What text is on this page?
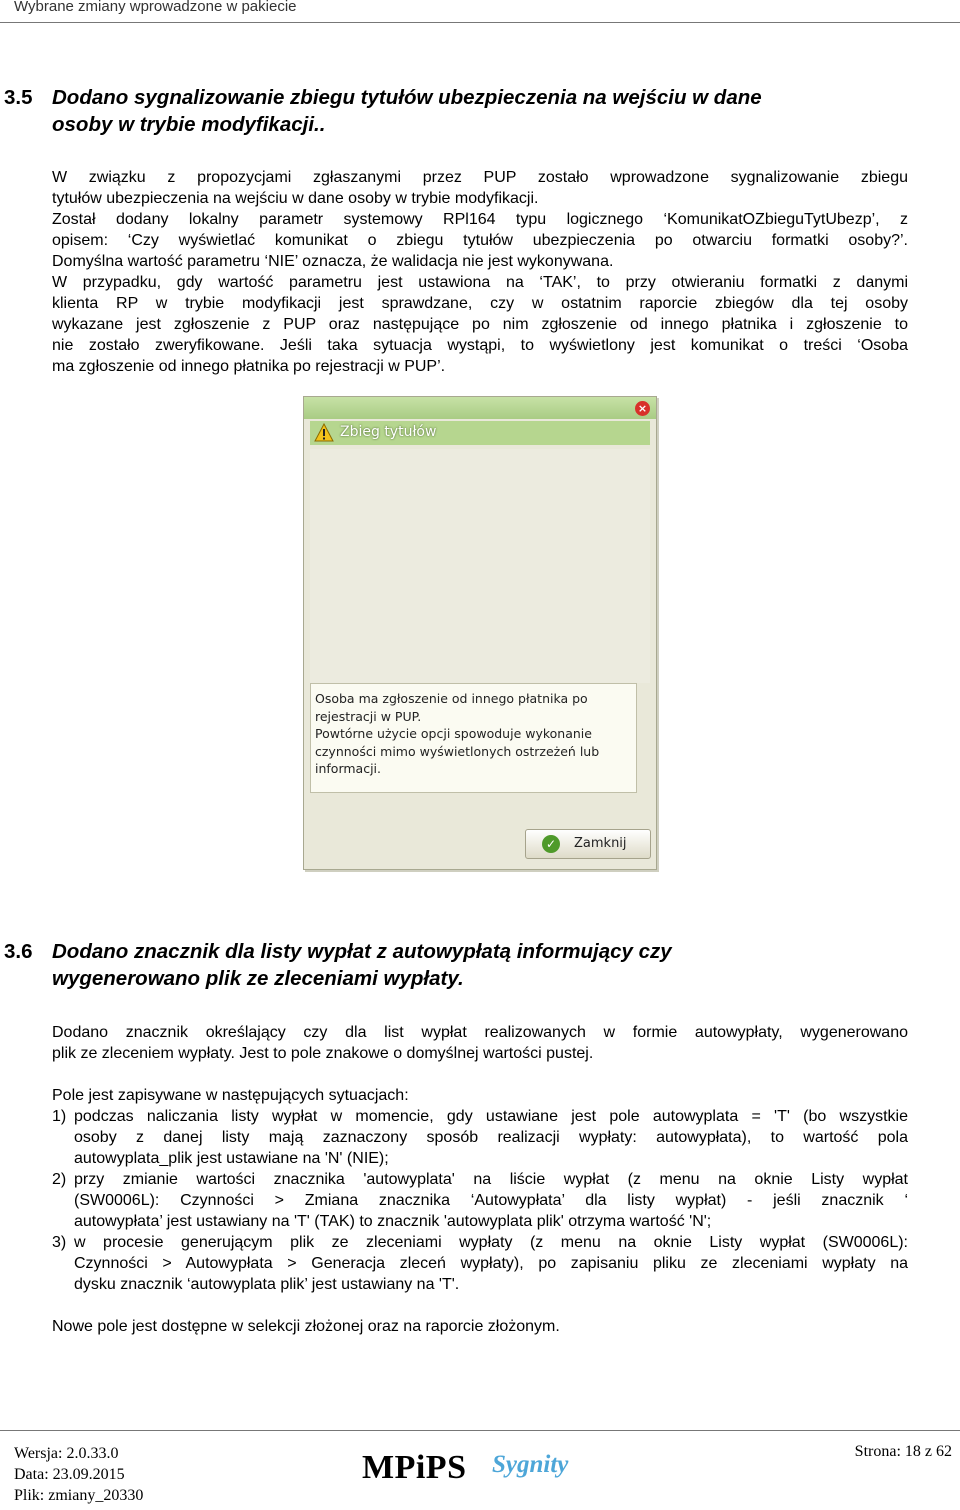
Wybrane zmiany wprowadzone w pakiecie
3.5 Dodano sygnalizowanie zbiegu tytułów ubezpieczenia na wejściu w dane
osoby w trybie modyfikacji..
W związku z propozycjami zgłaszanymi przez PUP zostało wprowadzone sygnalizowanie zbiegu
tytułów ubezpieczenia na wejściu w dane osoby w trybie modyfikacji.
Został dodany lokalny parametr systemowy RPl164 typu logicznego ‘KomunikatOZbieguTytUbezp’, z
opisem: ‘Czy wyświetlać komunikat o zbiegu tytułów ubezpieczenia po otwarciu formatki osoby?’.
Domyślna wartość parametru ‘NIE’ oznacza, że walidacja nie jest wykonywana.
W przypadku, gdy wartość parametru jest ustawiona na ‘TAK’, to przy otwieraniu formatki z danymi
klienta RP w trybie modyfikacji jest sprawdzane, czy w ostatnim raporcie zbiegów dla tej osoby
wykazane jest zgłoszenie z PUP oraz następujące po nim zgłoszenie od innego płatnika i zgłoszenie to
nie zostało zweryfikowane. Jeśli taka sytuacja wystąpi, to wyświetlony jest komunikat o treści ‘Osoba
ma zgłoszenie od innego płatnika po rejestracji w PUP’.
×
Zbieg tytułów
Osoba ma zgłoszenie od innego płatnika po
rejestracji w PUP.
Powtórne użycie opcji spowoduje wykonanie
czynności mimo wyświetlonych ostrzeżeń lub
informacji.
✓	Zamknij
3.6 Dodano znacznik dla listy wypłat z autowypłatą informujący czy
wygenerowano plik ze zleceniami wypłaty.
Dodano znacznik określający czy dla list wypłat realizowanych w formie autowypłaty, wygenerowano
plik ze zleceniem wypłaty. Jest to pole znakowe o domyślnej wartości pustej.
Pole jest zapisywane w następujących sytuacjach:
1) podczas naliczania listy wypłat w momencie, gdy ustawiane jest pole autowyplata = 'T' (bo wszystkie
osoby z danej listy mają zaznaczony sposób realizacji wypłaty: autowypłata), to wartość pola
autowyplata_plik jest ustawiane na 'N' (NIE);
2) przy zmianie wartości znacznika 'autowyplata' na liście wypłat (z menu na oknie Listy wypłat
(SW0006L): Czynności > Zmiana znacznika ‘Autowypłata’ dla listy wypłat) - jeśli znacznik ‘
autowypłata’ jest ustawiany na 'T' (TAK) to znacznik 'autowyplata plik' otrzyma wartość 'N';
3) w procesie generującym plik ze zleceniami wypłaty (z menu na oknie Listy wypłat (SW0006L):
Czynności > Autowypłata > Generacja zleceń wypłaty), po zapisaniu pliku ze zleceniami wypłaty na
dysku znacznik ‘autowyplata plik’ jest ustawiany na 'T'.
Nowe pole jest dostępne w selekcji złożonej oraz na raporcie złożonym.
Wersja: 2.0.33.0
Data: 23.09.2015
Plik: zmiany_20330
MPiPS Sygnity	Strona: 18 z 62
